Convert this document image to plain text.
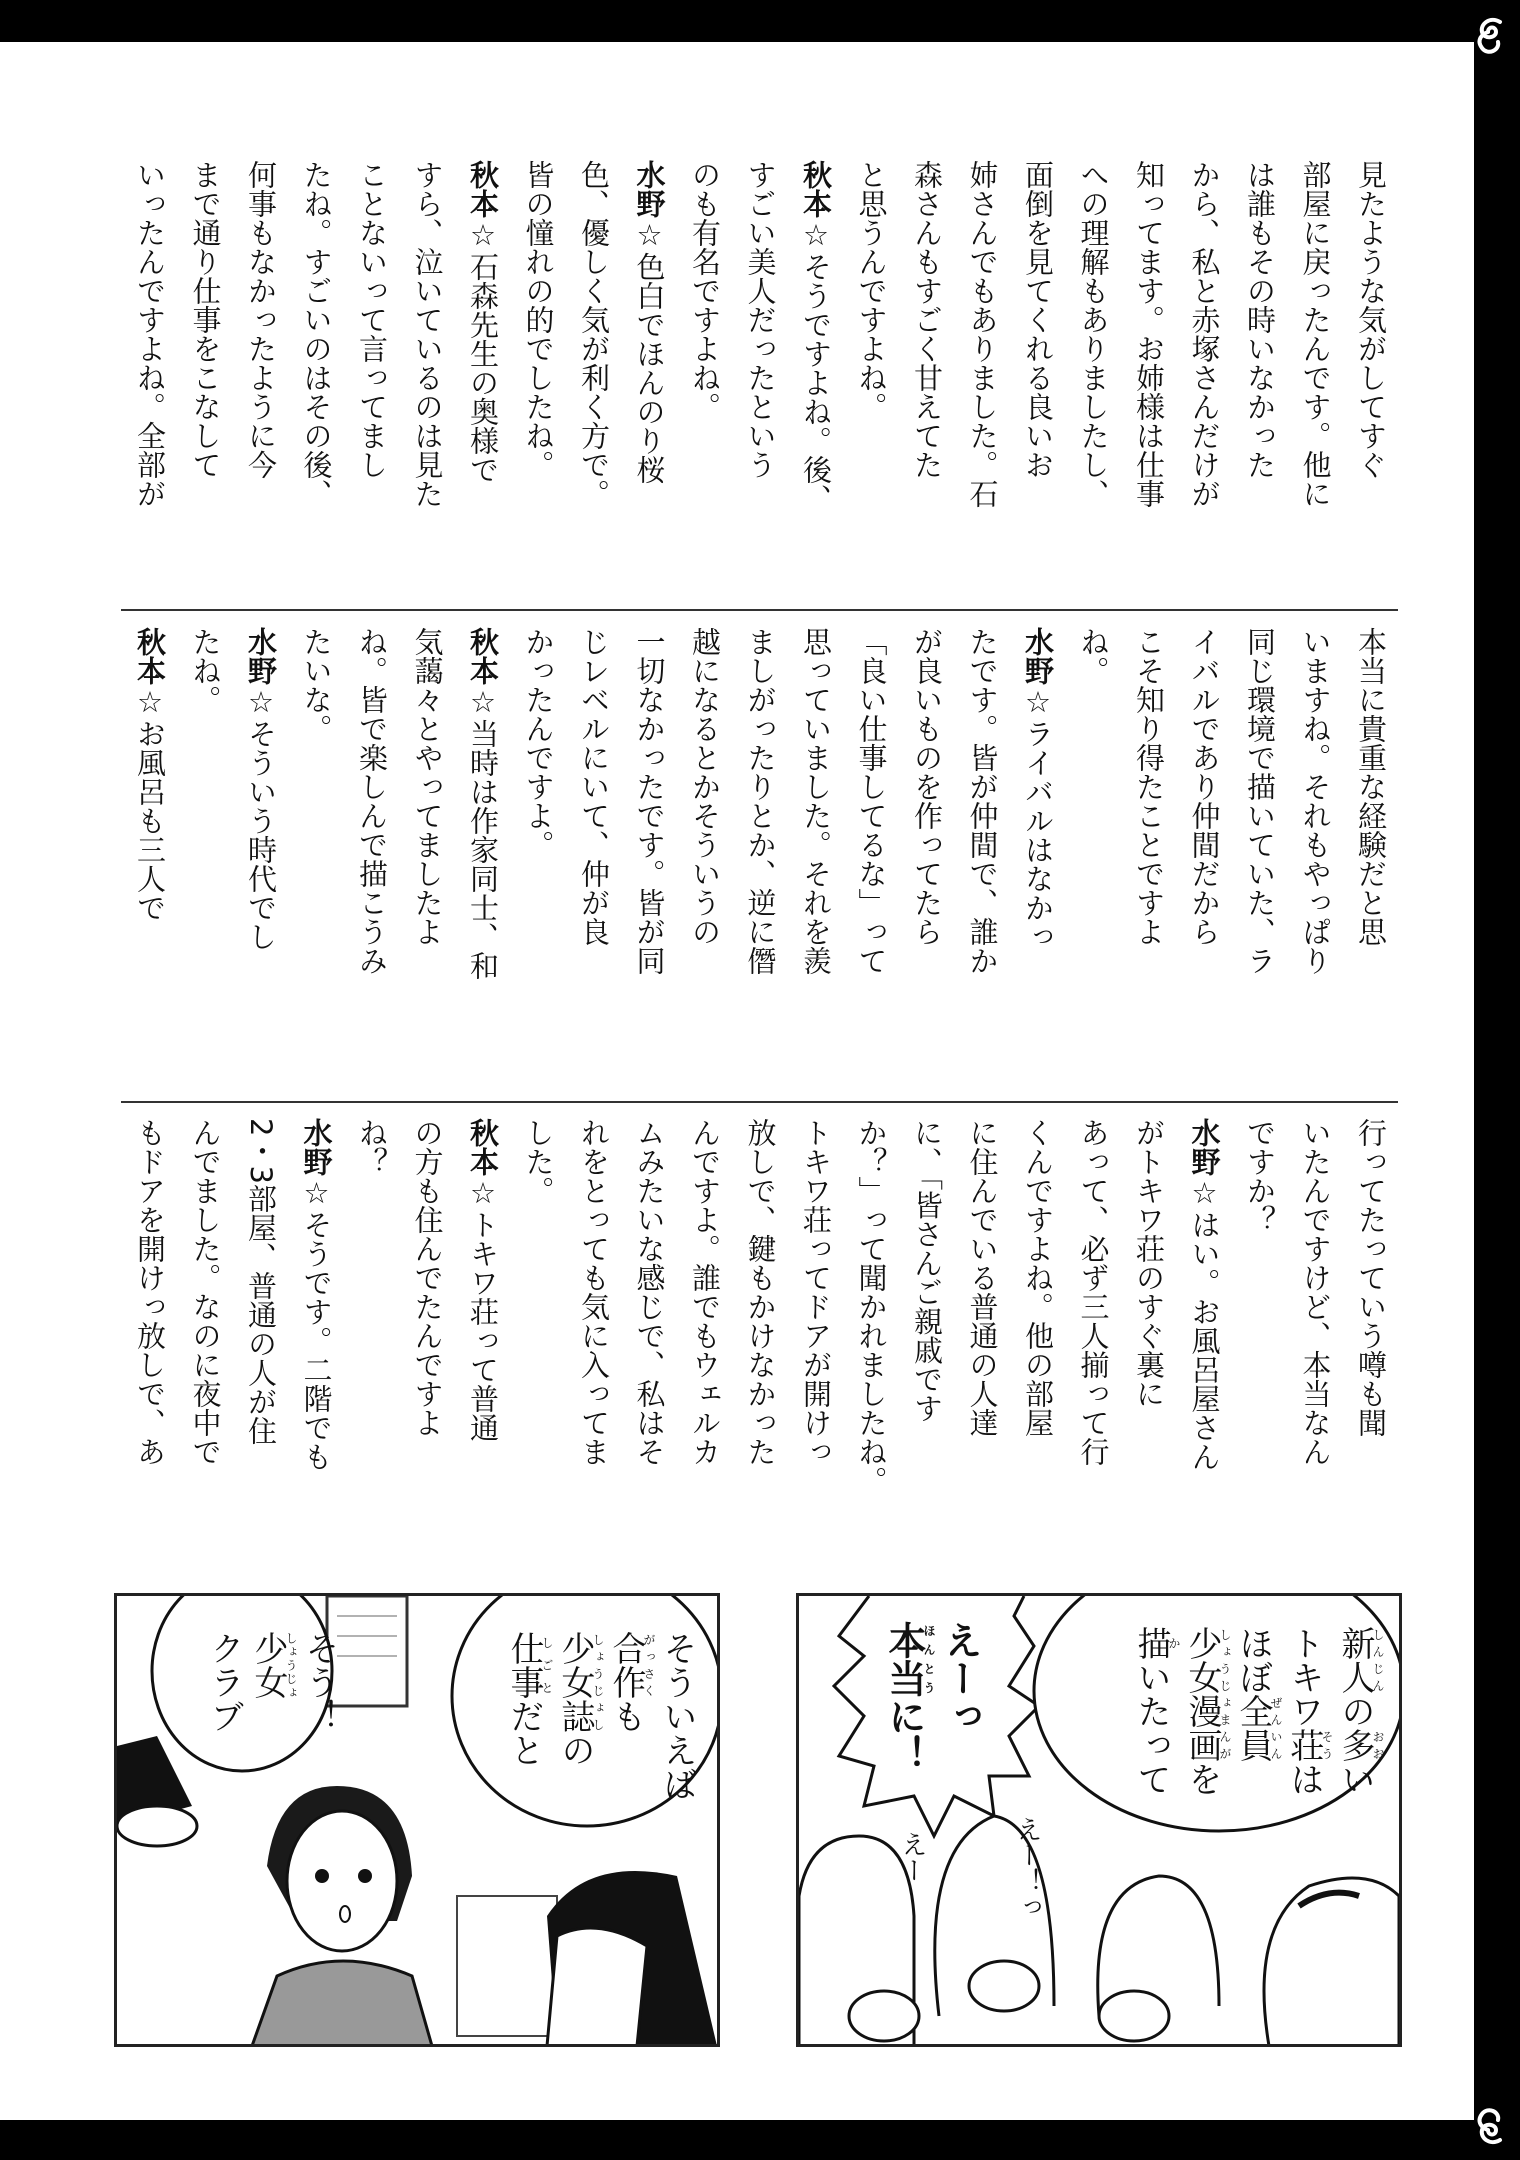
見たような気がしてすぐ
部屋に戻ったんです。他に
は誰もその時いなかった
から、私と赤塚さんだけが
知ってます。お姉様は仕事
への理解もありましたし、
面倒を見てくれる良いお
姉さんでもありました。石
森さんもすごく甘えてた
と思うんですよね。
秋本☆そうですよね。後、
すごい美人だったという
のも有名ですよね。
水野☆色白でほんのり桜
色、優しく気が利く方で。
皆の憧れの的でしたね。
秋本☆石森先生の奥様で
すら、泣いているのは見た
ことないって言ってまし
たね。すごいのはその後、
何事もなかったように今
まで通り仕事をこなして
いったんですよね。全部が
本当に貴重な経験だと思
いますね。それもやっぱり
同じ環境で描いていた、ラ
イバルであり仲間だから
こそ知り得たことですよ
ね。
水野☆ライバルはなかっ
たです。皆が仲間で、誰か
が良いものを作ってたら
「良い仕事してるな」って
思っていました。それを羨
ましがったりとか、逆に僭
越になるとかそういうの
一切なかったです。皆が同
じレベルにいて、仲が良
かったんですよ。
秋本☆当時は作家同士、和
気藹々とやってましたよ
ね。皆で楽しんで描こうみ
たいな。
水野☆そういう時代でし
たね。
秋本☆お風呂も三人で
行ってたっていう噂も聞
いたんですけど、本当なん
ですか？
水野☆はい。お風呂屋さん
がトキワ荘のすぐ裏に
あって、必ず三人揃って行
くんですよね。他の部屋
に住んでいる普通の人達
に、「皆さんご親戚です
か？」って聞かれましたね。
トキワ荘ってドアが開けっ
放しで、鍵もかけなかった
んですよ。誰でもウェルカ
ムみたいな感じで、私はそ
れをとっても気に入ってま
した。
秋本☆トキワ荘って普通
の方も住んでたんですよ
ね？
水野☆そうです。二階でも
2・3部屋、普通の人が住
んでました。なのに夜中で
もドアを開けっ放しで、あ
そう！
少女しょうじょ
クラブ	そういえば
合作がっさくも
少女誌しょうじょしの
仕事しごとだと
新人しんじんの多おおい
トキワ荘そうは
ほぼ全員ぜんいん
少女漫画しょうじょまんがを
描かいたって
えーっ
本当ほんとうに！
えー	えー！っ
